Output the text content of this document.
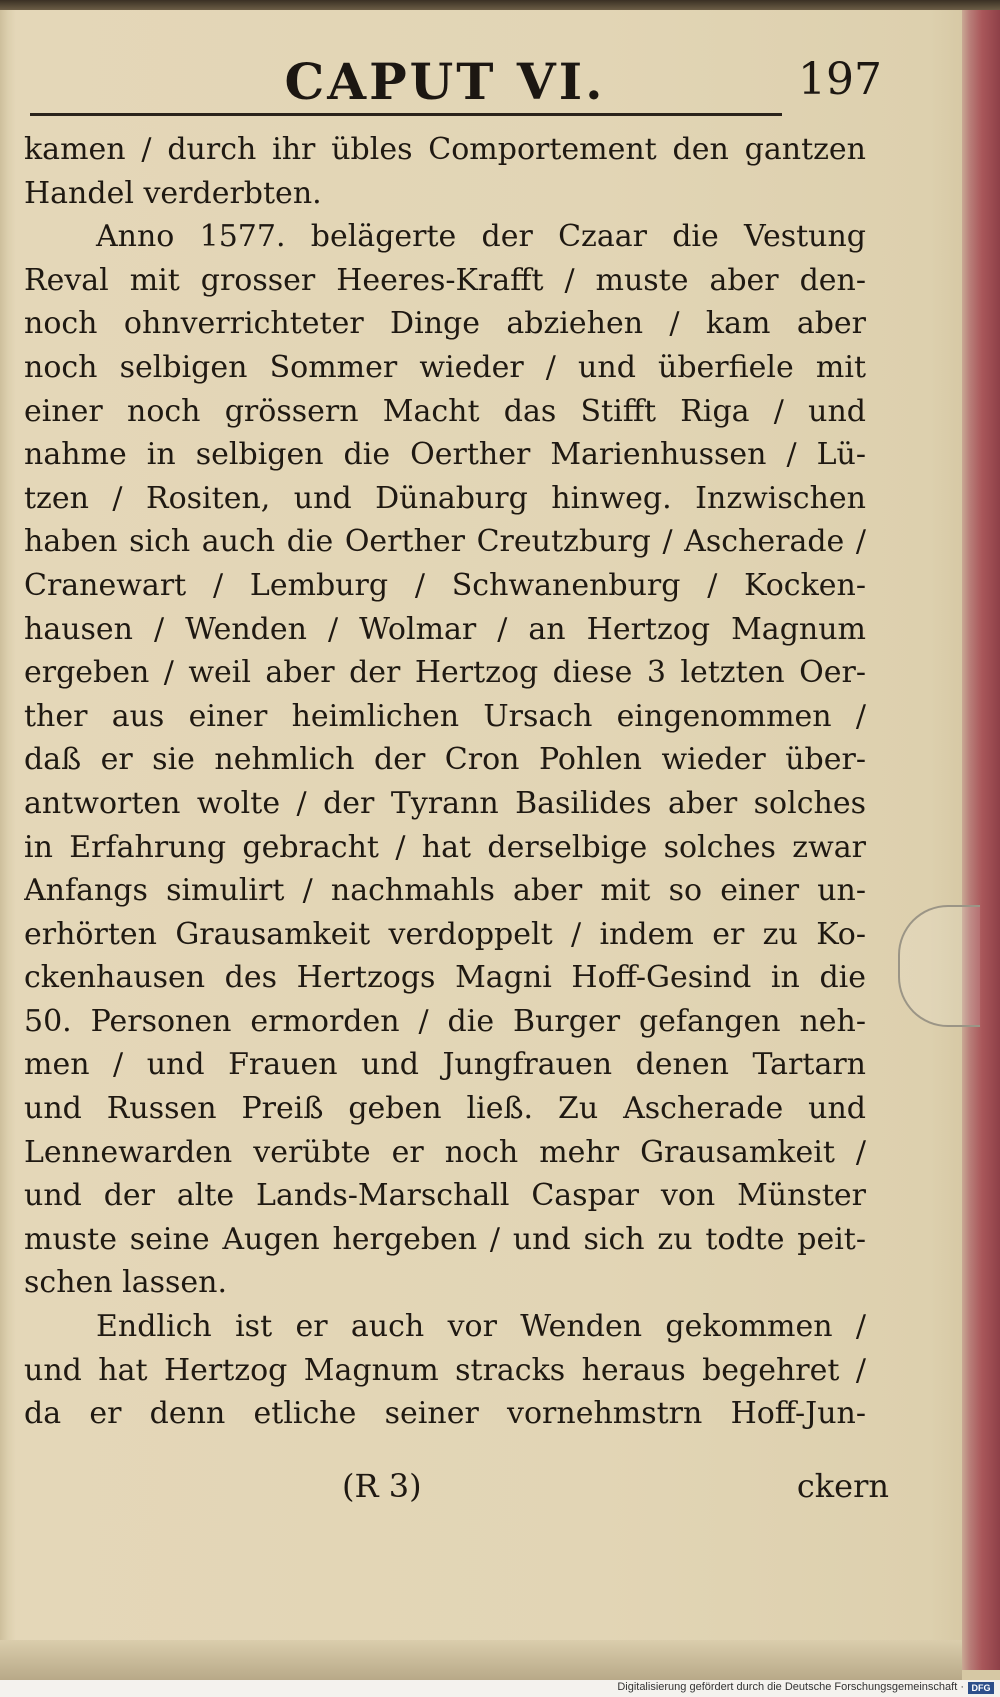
CAPUT VI.	197
kamen / durch ihr übles Comportement den gantzen
Handel verderbten.
Anno 1577. belägerte der Czaar die Vestung
Reval mit grosser Heeres-Krafft / muste aber den-
noch ohnverrichteter Dinge abziehen / kam aber
noch selbigen Sommer wieder / und überfiele mit
einer noch grössern Macht das Stifft Riga / und
nahme in selbigen die Oerther Marienhussen / Lü-
tzen / Rositen, und Dünaburg hinweg. Inzwischen
haben sich auch die Oerther Creutzburg / Ascherade /
Cranewart / Lemburg / Schwanenburg / Kocken-
hausen / Wenden / Wolmar / an Hertzog Magnum
ergeben / weil aber der Hertzog diese 3 letzten Oer-
ther aus einer heimlichen Ursach eingenommen /
daß er sie nehmlich der Cron Pohlen wieder über-
antworten wolte / der Tyrann Basilides aber solches
in Erfahrung gebracht / hat derselbige solches zwar
Anfangs simulirt / nachmahls aber mit so einer un-
erhörten Grausamkeit verdoppelt / indem er zu Ko-
ckenhausen des Hertzogs Magni Hoff-Gesind in die
50. Personen ermorden / die Burger gefangen neh-
men / und Frauen und Jungfrauen denen Tartarn
und Russen Preiß geben ließ. Zu Ascherade und
Lennewarden verübte er noch mehr Grausamkeit /
und der alte Lands-Marschall Caspar von Münster
muste seine Augen hergeben / und sich zu todte peit-
schen lassen.
Endlich ist er auch vor Wenden gekommen /
und hat Hertzog Magnum stracks heraus begehret /
da er denn etliche seiner vornehmstrn Hoff-Jun-
(R 3)	ckern
Digitalisierung gefördert durch die Deutsche Forschungsgemeinschaft · DFG
